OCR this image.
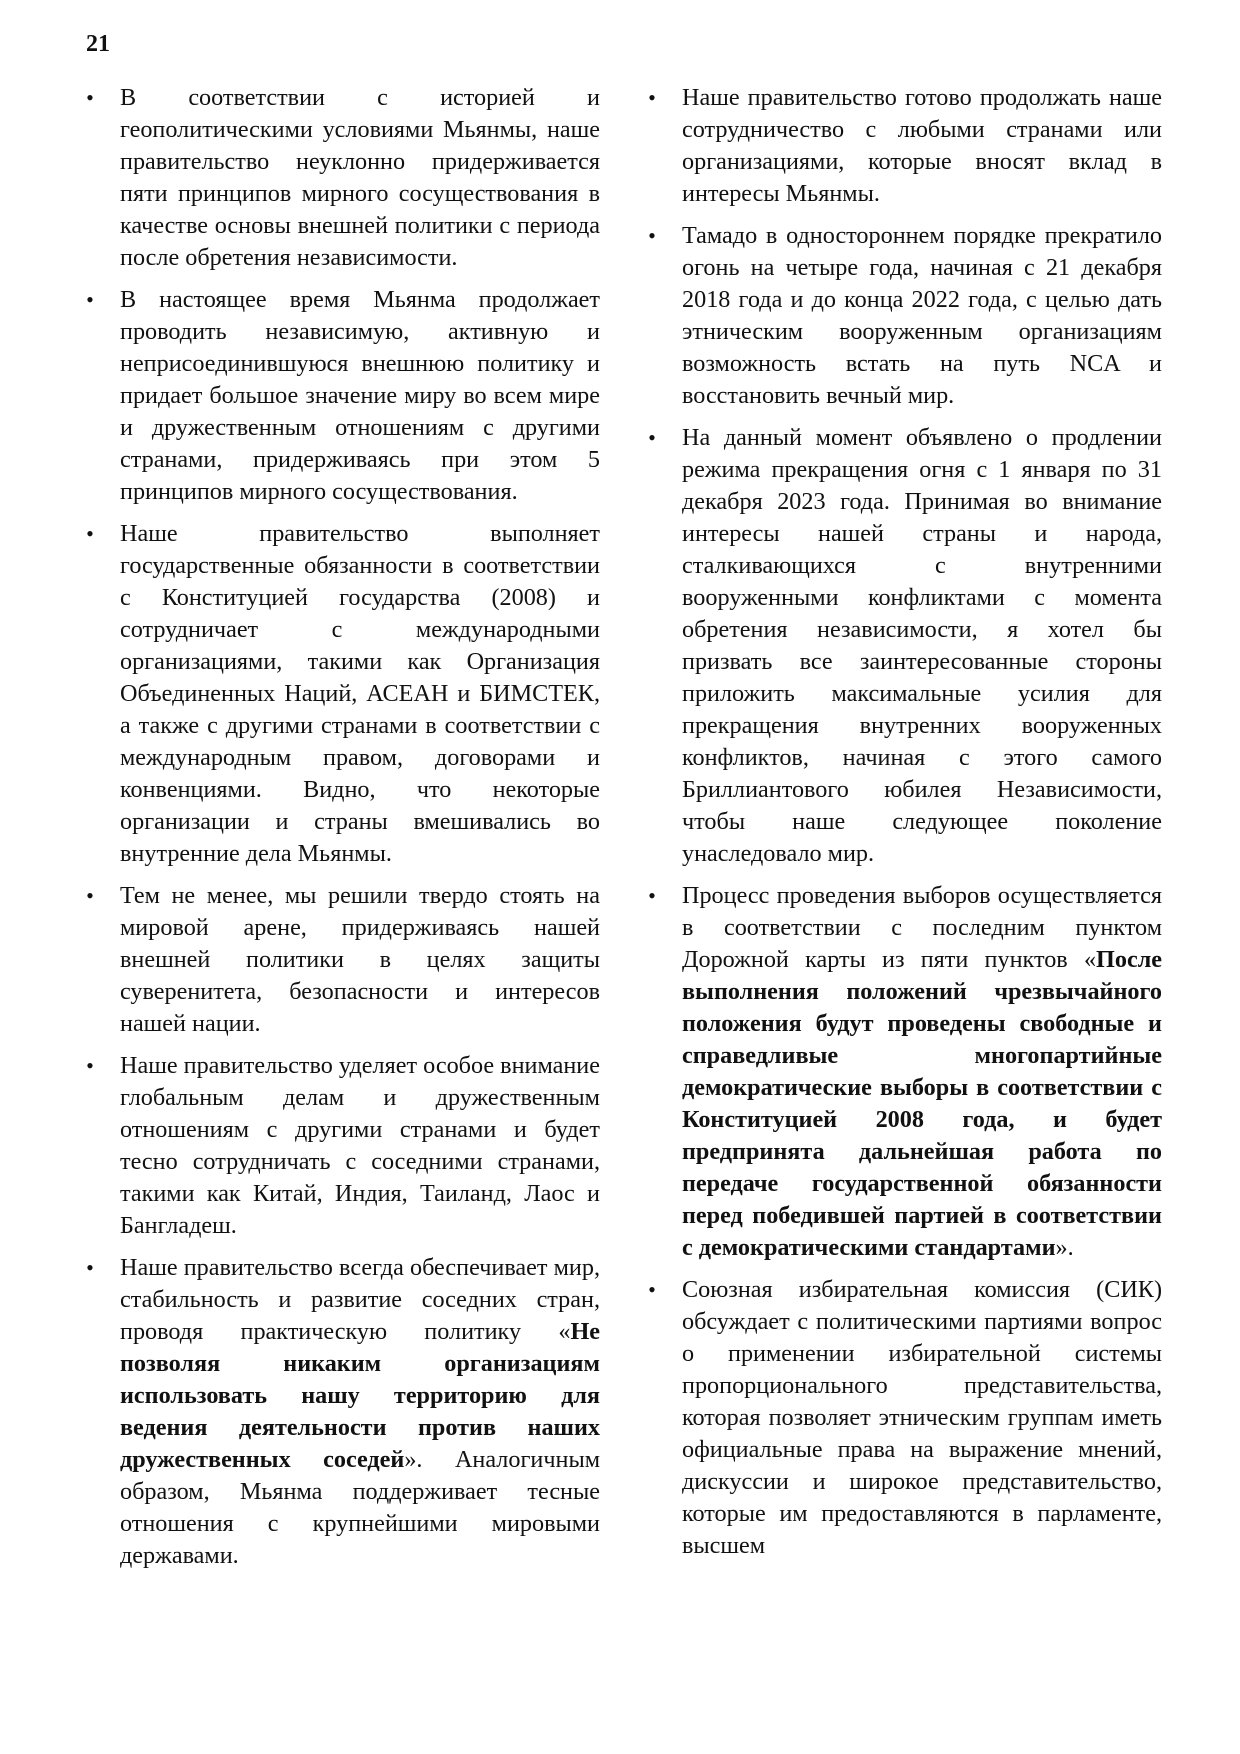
21
• В соответствии с историей и геополитическими условиями Мьянмы, наше правительство неуклонно придерживается пяти принципов мирного сосуществования в качестве основы внешней политики с периода после обретения независимости.
• В настоящее время Мьянма продолжает проводить независимую, активную и неприсоединившуюся внешнюю политику и придает большое значение миру во всем мире и дружественным отношениям с другими странами, придерживаясь при этом 5 принципов мирного сосуществования.
• Наше правительство выполняет государственные обязанности в соответствии с Конституцией государства (2008) и сотрудничает с международными организациями, такими как Организация Объединенных Наций, АСЕАН и БИМСТЕК, а также с другими странами в соответствии с международным правом, договорами и конвенциями. Видно, что некоторые организации и страны вмешивались во внутренние дела Мьянмы.
• Тем не менее, мы решили твердо стоять на мировой арене, придерживаясь нашей внешней политики в целях защиты суверенитета, безопасности и интересов нашей нации.
• Наше правительство уделяет особое внимание глобальным делам и дружественным отношениям с другими странами и будет тесно сотрудничать с соседними странами, такими как Китай, Индия, Таиланд, Лаос и Бангладеш.
• Наше правительство всегда обеспечивает мир, стабильность и развитие соседних стран, проводя практическую политику «Не позволяя никаким организациям использовать нашу территорию для ведения деятельности против наших дружественных соседей». Аналогичным образом, Мьянма поддерживает тесные отношения с крупнейшими мировыми державами.
• Наше правительство готово продолжать наше сотрудничество с любыми странами или организациями, которые вносят вклад в интересы Мьянмы.
• Тамадо в одностороннем порядке прекратило огонь на четыре года, начиная с 21 декабря 2018 года и до конца 2022 года, с целью дать этническим вооруженным организациям возможность встать на путь NCA и восстановить вечный мир.
• На данный момент объявлено о продлении режима прекращения огня с 1 января по 31 декабря 2023 года. Принимая во внимание интересы нашей страны и народа, сталкивающихся с внутренними вооруженными конфликтами с момента обретения независимости, я хотел бы призвать все заинтересованные стороны приложить максимальные усилия для прекращения внутренних вооруженных конфликтов, начиная с этого самого Бриллиантового юбилея Независимости, чтобы наше следующее поколение унаследовало мир.
• Процесс проведения выборов осуществляется в соответствии с последним пунктом Дорожной карты из пяти пунктов «После выполнения положений чрезвычайного положения будут проведены свободные и справедливые многопартийные демократические выборы в соответствии с Конституцией 2008 года, и будет предпринята дальнейшая работа по передаче государственной обязанности перед победившей партией в соответствии с демократическими стандартами».
• Союзная избирательная комиссия (СИК) обсуждает с политическими партиями вопрос о применении избирательной системы пропорционального представительства, которая позволяет этническим группам иметь официальные права на выражение мнений, дискуссии и широкое представительство, которые им предоставляются в парламенте, высшем
